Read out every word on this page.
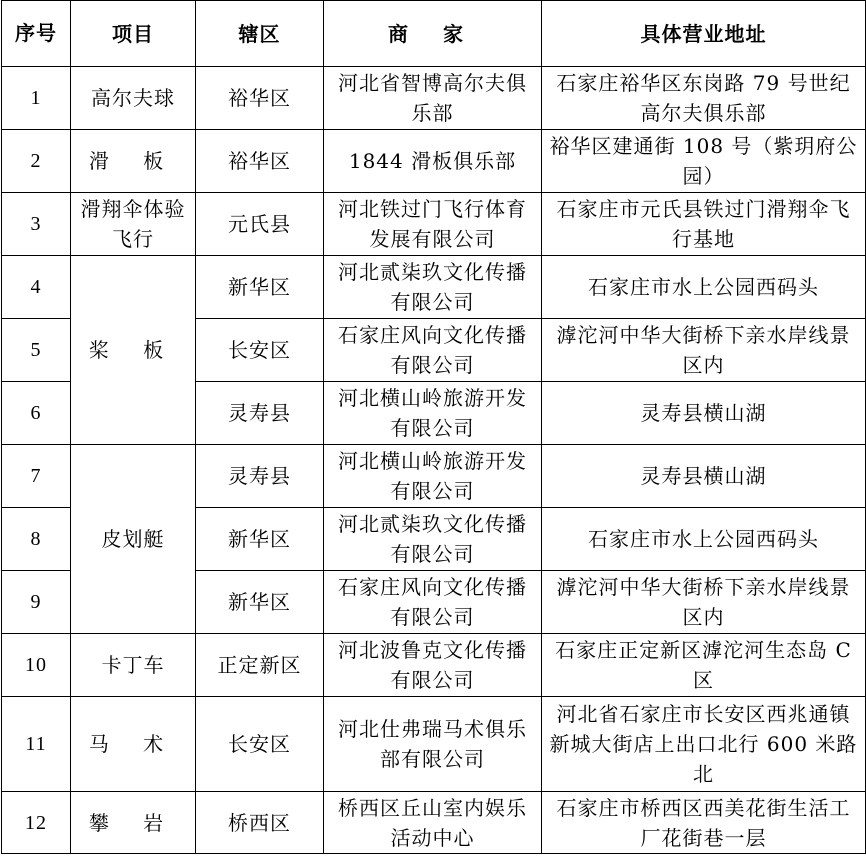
序号	项目	辖区	商 家	具体营业地址
1	高尔夫球	裕华区	河北省智博高尔夫俱乐部	石家庄裕华区东岗路 79 号世纪高尔夫俱乐部
2	滑 板	裕华区	1844 滑板俱乐部	裕华区建通街 108 号（紫玥府公园）
3	滑翔伞体验飞行	元氏县	河北铁过门飞行体育发展有限公司	石家庄市元氏县铁过门滑翔伞飞行基地
4	桨 板	新华区	河北贰柒玖文化传播有限公司	石家庄市水上公园西码头
5		长安区	石家庄风向文化传播有限公司	滹沱河中华大街桥下亲水岸线景区内
6		灵寿县	河北横山岭旅游开发有限公司	灵寿县横山湖
7	皮划艇	灵寿县	河北横山岭旅游开发有限公司	灵寿县横山湖
8		新华区	河北贰柒玖文化传播有限公司	石家庄市水上公园西码头
9		新华区	石家庄风向文化传播有限公司	滹沱河中华大街桥下亲水岸线景区内
10	卡丁车	正定新区	河北波鲁克文化传播有限公司	石家庄正定新区滹沱河生态岛 C 区
11	马 术	长安区	河北仕弗瑞马术俱乐部有限公司	河北省石家庄市长安区西兆通镇新城大街店上出口北行 600 米路北
12	攀 岩	桥西区	桥西区丘山室内娱乐活动中心	石家庄市桥西区西美花街生活工厂花街巷一层
